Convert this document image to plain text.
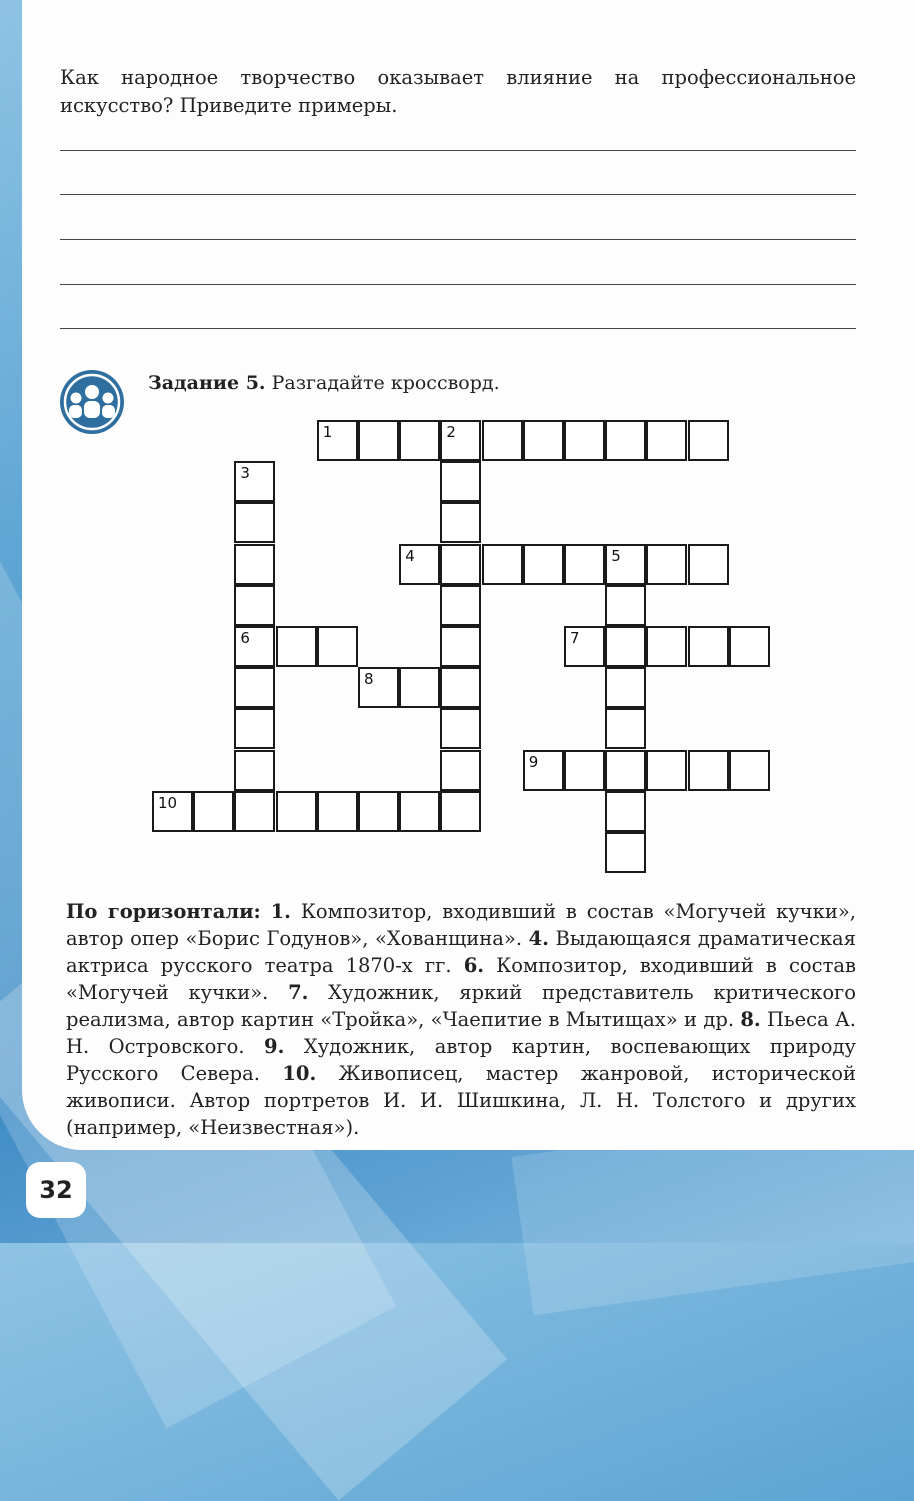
Как народное творчество оказывает влияние на профессиональное
искусство? Приведите примеры.
Задание 5. Разгадайте кроссворд.
1	2
3
6
4	5
7
8
9
10
По горизонтали: 1. Композитор, входивший в состав «Могучей кучки», автор опер «Борис Годунов», «Хованщина». 4. Выдающаяся драматическая актриса русского театра 1870-х гг. 6. Композитор, входивший в состав «Могучей кучки». 7. Художник, яркий представитель критического реализма, автор картин «Тройка», «Чаепитие в Мытищах» и др. 8. Пьеса А. Н. Островского. 9. Художник, автор картин, воспевающих природу Русского Севера. 10. Живописец, мастер жанровой, исторической живописи. Автор портретов И. И. Шишкина, Л. Н. Толстого и других (например, «Неизвестная»).
32
